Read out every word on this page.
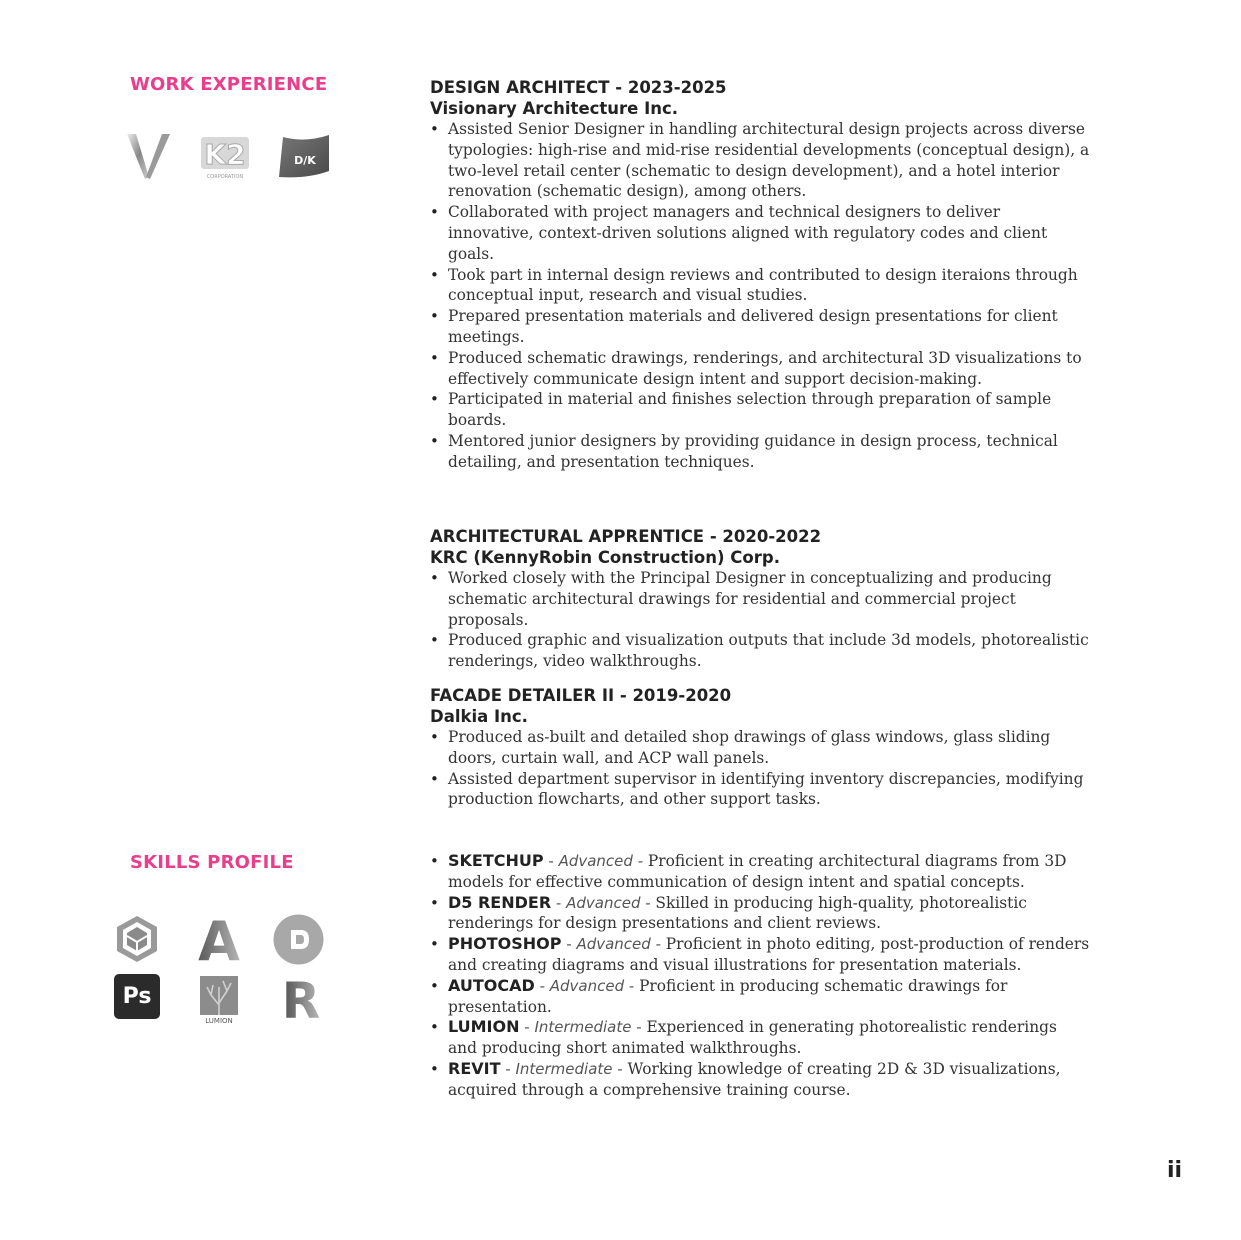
WORK EXPERIENCE
K2
CORPORATION
D/K
DESIGN ARCHITECT - 2023-2025
Visionary Architecture Inc.
• Assisted Senior Designer in handling architectural design projects across diverse typologies: high-rise and mid-rise residential developments (conceptual design), a two-level retail center (schematic to design development), and a hotel interior renovation (schematic design), among others.
• Collaborated with project managers and technical designers to deliver innovative, context-driven solutions aligned with regulatory codes and client goals.
• Took part in internal design reviews and contributed to design iteraions through conceptual input, research and visual studies.
• Prepared presentation materials and delivered design presentations for client meetings.
• Produced schematic drawings, renderings, and architectural 3D visualizations to effectively communicate design intent and support decision-making.
• Participated in material and finishes selection through preparation of sample boards.
• Mentored junior designers by providing guidance in design process, technical detailing, and presentation techniques.
ARCHITECTURAL APPRENTICE - 2020-2022
KRC (KennyRobin Construction) Corp.
• Worked closely with the Principal Designer in conceptualizing and producing schematic architectural drawings for residential and commercial project proposals.
• Produced graphic and visualization outputs that include 3d models, photorealistic renderings, video walkthroughs.
FACADE DETAILER II - 2019-2020
Dalkia Inc.
• Produced as-built and detailed shop drawings of glass windows, glass sliding doors, curtain wall, and ACP wall panels.
• Assisted department supervisor in identifying inventory discrepancies, modifying production flowcharts, and other support tasks.
SKILLS PROFILE
A
Ps
LUMION R
• SKETCHUP - Advanced - Proficient in creating architectural diagrams from 3D models for effective communication of design intent and spatial concepts.
• D5 RENDER - Advanced - Skilled in producing high-quality, photorealistic renderings for design presentations and client reviews.
• PHOTOSHOP - Advanced - Proficient in photo editing, post-production of renders and creating diagrams and visual illustrations for presentation materials.
• AUTOCAD - Advanced - Proficient in producing schematic drawings for presentation.
• LUMION - Intermediate - Experienced in generating photorealistic renderings and producing short animated walkthroughs.
• REVIT - Intermediate - Working knowledge of creating 2D & 3D visualizations, acquired through a comprehensive training course.
ii
